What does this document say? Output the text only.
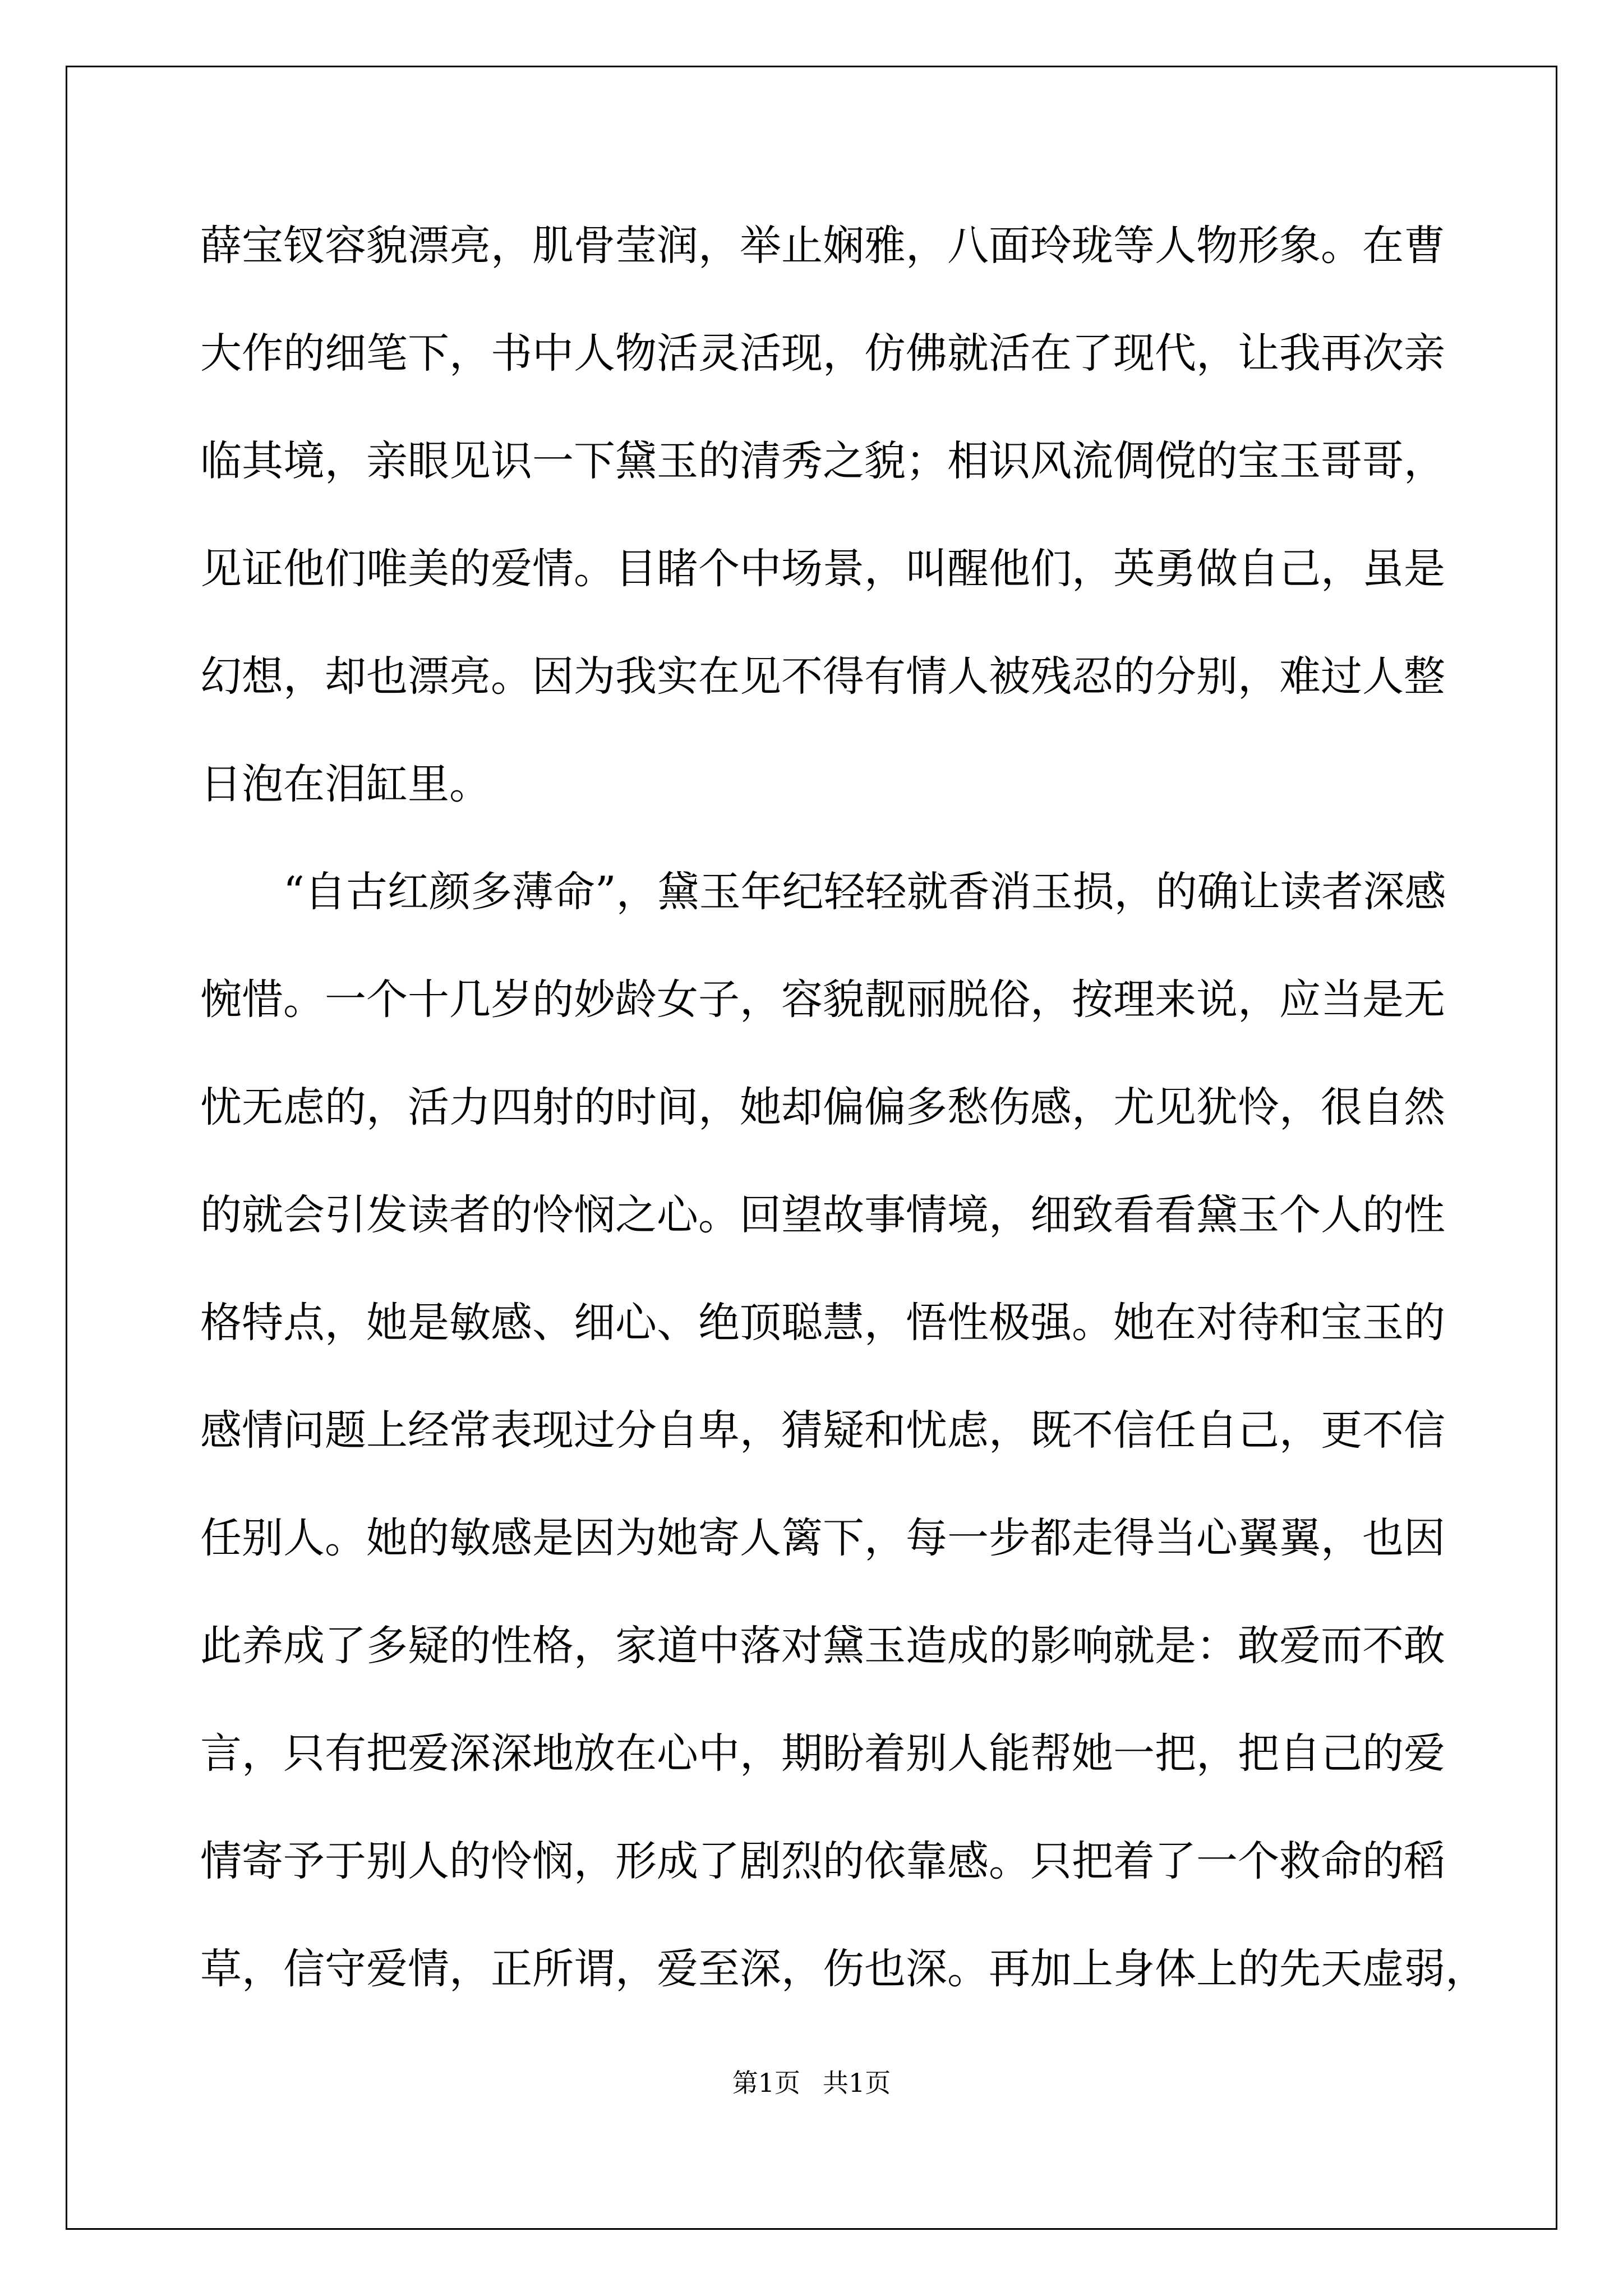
薛宝钗容貌漂亮，肌骨莹润，举止娴雅，八面玲珑等人物形象。在曹
大作的细笔下，书中人物活灵活现，仿佛就活在了现代，让我再次亲
临其境，亲眼见识一下黛玉的清秀之貌；相识风流倜傥的宝玉哥哥，
见证他们唯美的爱情。目睹个中场景，叫醒他们，英勇做自己，虽是
幻想，却也漂亮。因为我实在见不得有情人被残忍的分别，难过人整
日泡在泪缸里。
“自古红颜多薄命”，黛玉年纪轻轻就香消玉损，的确让读者深感
惋惜。一个十几岁的妙龄女子，容貌靓丽脱俗，按理来说，应当是无
忧无虑的，活力四射的时间，她却偏偏多愁伤感，尤见犹怜，很自然
的就会引发读者的怜悯之心。回望故事情境，细致看看黛玉个人的性
格特点，她是敏感、细心、绝顶聪慧，悟性极强。她在对待和宝玉的
感情问题上经常表现过分自卑，猜疑和忧虑，既不信任自己，更不信
任别人。她的敏感是因为她寄人篱下，每一步都走得当心翼翼，也因
此养成了多疑的性格，家道中落对黛玉造成的影响就是：敢爱而不敢
言，只有把爱深深地放在心中，期盼着别人能帮她一把，把自己的爱
情寄予于别人的怜悯，形成了剧烈的依靠感。只把着了一个救命的稻
草，信守爱情，正所谓，爱至深，伤也深。再加上身体上的先天虚弱，
第1页 共1页
